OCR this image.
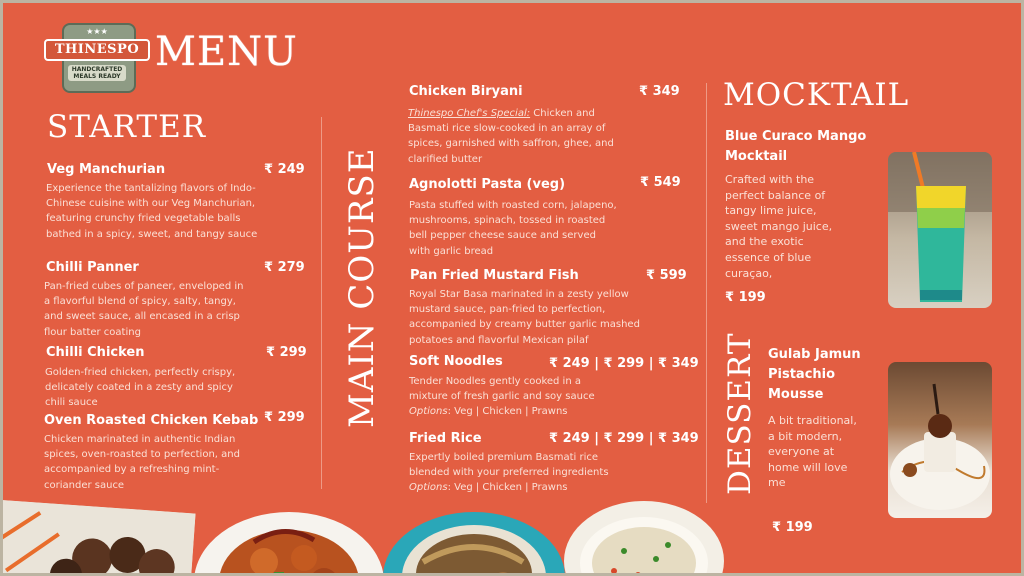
★★★
THINESPO
HANDCRAFTED MEALS READY
MENU
STARTER
Veg Manchurian	₹ 249
Experience the tantalizing flavors of Indo-Chinese cuisine with our Veg Manchurian, featuring crunchy fried vegetable balls bathed in a spicy, sweet, and tangy sauce
Chilli Panner	₹ 279
Pan-fried cubes of paneer, enveloped in a flavorful blend of spicy, salty, tangy, and sweet sauce, all encased in a crisp flour batter coating
Chilli Chicken	₹ 299
Golden-fried chicken, perfectly crispy, delicately coated in a zesty and spicy chili sauce
Oven Roasted Chicken Kebab ₹ 299
Chicken marinated in authentic Indian spices, oven-roasted to perfection, and accompanied by a refreshing mint-coriander sauce
MAIN COURSE
Chicken Biryani	₹ 349
Thinespo Chef's Special: Chicken and Basmati rice slow-cooked in an array of spices, garnished with saffron, ghee, and clarified butter
Agnolotti Pasta (veg)	₹ 549
Pasta stuffed with roasted corn, jalapeno, mushrooms, spinach, tossed in roasted bell pepper cheese sauce and served with garlic bread
Pan Fried Mustard Fish	₹ 599
Royal Star Basa marinated in a zesty yellow mustard sauce, pan-fried to perfection, accompanied by creamy butter garlic mashed potatoes and flavorful Mexican pilaf
Soft Noodles	₹ 249 | ₹ 299 | ₹ 349
Tender Noodles gently cooked in a mixture of fresh garlic and soy sauce
Options: Veg | Chicken | Prawns
Fried Rice	₹ 249 | ₹ 299 | ₹ 349
Expertly boiled premium Basmati rice blended with your preferred ingredients
Options: Veg | Chicken | Prawns
MOCKTAIL
Blue Curaco Mango Mocktail
Crafted with the perfect balance of tangy lime juice, sweet mango juice, and the exotic essence of blue curaçao,
₹ 199
DESSERT Gulab Jamun Pistachio Mousse
A bit traditional, a bit modern, everyone at home will love me
₹ 199
